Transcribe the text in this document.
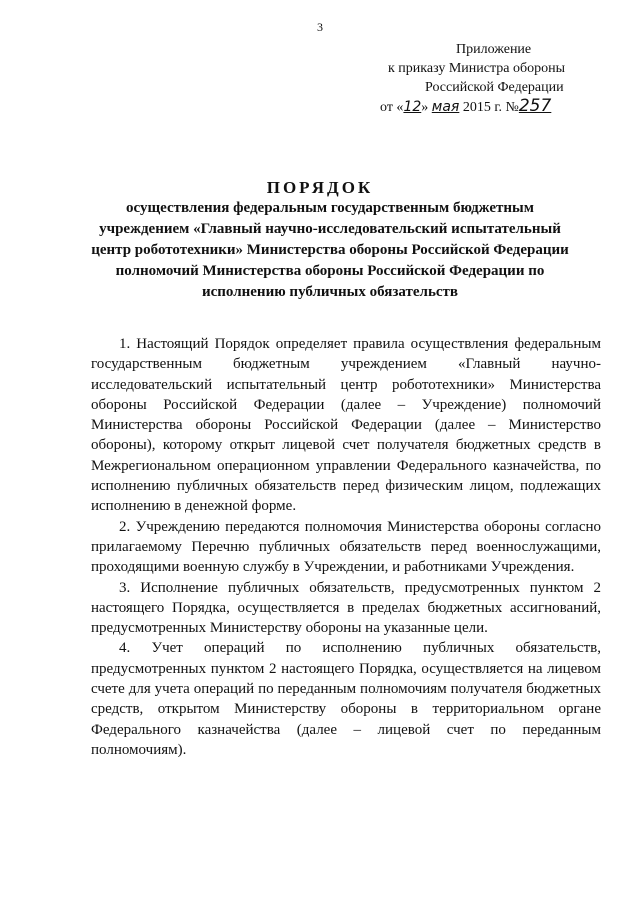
3
Приложение
к приказу Министра обороны
Российской Федерации
от «12» мая 2015 г. №257
ПОРЯДОК
осуществления федеральным государственным бюджетным учреждением «Главный научно-исследовательский испытательный центр робототехники» Министерства обороны Российской Федерации полномочий Министерства обороны Российской Федерации по исполнению публичных обязательств

1. Настоящий Порядок определяет правила осуществления федеральным государственным бюджетным учреждением «Главный научно-исследовательский испытательный центр робототехники» Министерства обороны Российской Федерации (далее – Учреждение) полномочий Министерства обороны Российской Федерации (далее – Министерство обороны), которому открыт лицевой счет получателя бюджетных средств в Межрегиональном операционном управлении Федерального казначейства, по исполнению публичных обязательств перед физическим лицом, подлежащих исполнению в денежной форме.

2. Учреждению передаются полномочия Министерства обороны согласно прилагаемому Перечню публичных обязательств перед военнослужащими, проходящими военную службу в Учреждении, и работниками Учреждения.

3. Исполнение публичных обязательств, предусмотренных пунктом 2 настоящего Порядка, осуществляется в пределах бюджетных ассигнований, предусмотренных Министерству обороны на указанные цели.

4. Учет операций по исполнению публичных обязательств, предусмотренных пунктом 2 настоящего Порядка, осуществляется на лицевом счете для учета операций по переданным полномочиям получателя бюджетных средств, открытом Министерству обороны в территориальном органе Федерального казначейства (далее – лицевой счет по переданным полномочиям).
